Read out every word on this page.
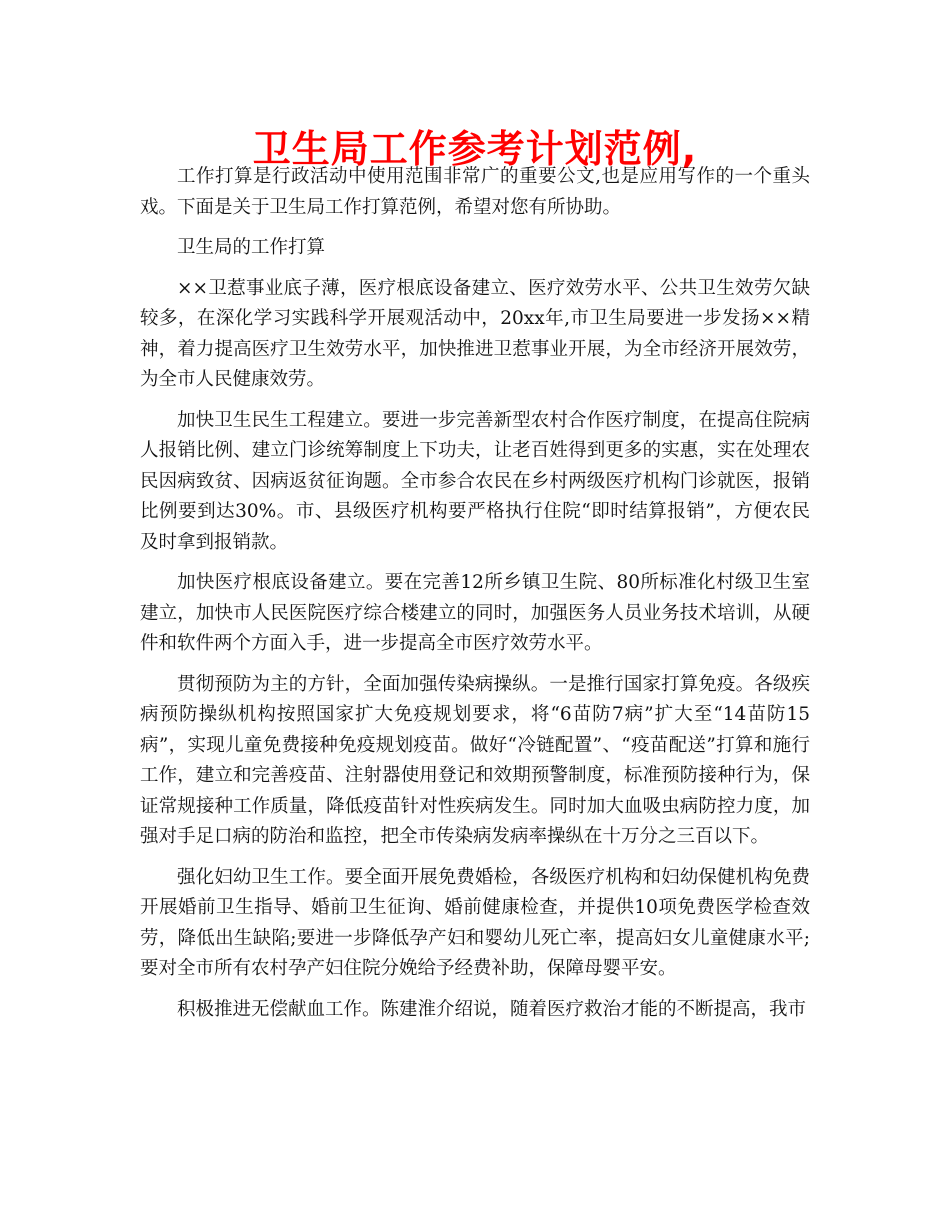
卫生局工作参考计划范例,

工作打算是行政活动中使用范围非常广的重要公文,也是应用写作的一个重头戏。下面是关于卫生局工作打算范例，希望对您有所协助。

卫生局的工作打算

××卫惹事业底子薄，医疗根底设备建立、医疗效劳水平、公共卫生效劳欠缺较多，在深化学习实践科学开展观活动中，20xx年,市卫生局要进一步发扬××精神，着力提高医疗卫生效劳水平，加快推进卫惹事业开展，为全市经济开展效劳，为全市人民健康效劳。

加快卫生民生工程建立。要进一步完善新型农村合作医疗制度，在提高住院病人报销比例、建立门诊统筹制度上下功夫，让老百姓得到更多的实惠，实在处理农民因病致贫、因病返贫征询题。全市参合农民在乡村两级医疗机构门诊就医，报销比例要到达30%。市、县级医疗机构要严格执行住院“即时结算报销”，方便农民及时拿到报销款。

加快医疗根底设备建立。要在完善12所乡镇卫生院、80所标准化村级卫生室建立，加快市人民医院医疗综合楼建立的同时，加强医务人员业务技术培训，从硬件和软件两个方面入手，进一步提高全市医疗效劳水平。

贯彻预防为主的方针，全面加强传染病操纵。一是推行国家打算免疫。各级疾病预防操纵机构按照国家扩大免疫规划要求，将“6苗防7病”扩大至“14苗防15病”，实现儿童免费接种免疫规划疫苗。做好“冷链配置”、“疫苗配送”打算和施行工作，建立和完善疫苗、注射器使用登记和效期预警制度，标准预防接种行为，保证常规接种工作质量，降低疫苗针对性疾病发生。同时加大血吸虫病防控力度，加强对手足口病的防治和监控，把全市传染病发病率操纵在十万分之三百以下。

强化妇幼卫生工作。要全面开展免费婚检，各级医疗机构和妇幼保健机构免费开展婚前卫生指导、婚前卫生征询、婚前健康检查，并提供10项免费医学检查效劳，降低出生缺陷;要进一步降低孕产妇和婴幼儿死亡率，提高妇女儿童健康水平;要对全市所有农村孕产妇住院分娩给予经费补助，保障母婴平安。

积极推进无偿献血工作。陈建淮介绍说，随着医疗救治才能的不断提高，我市
